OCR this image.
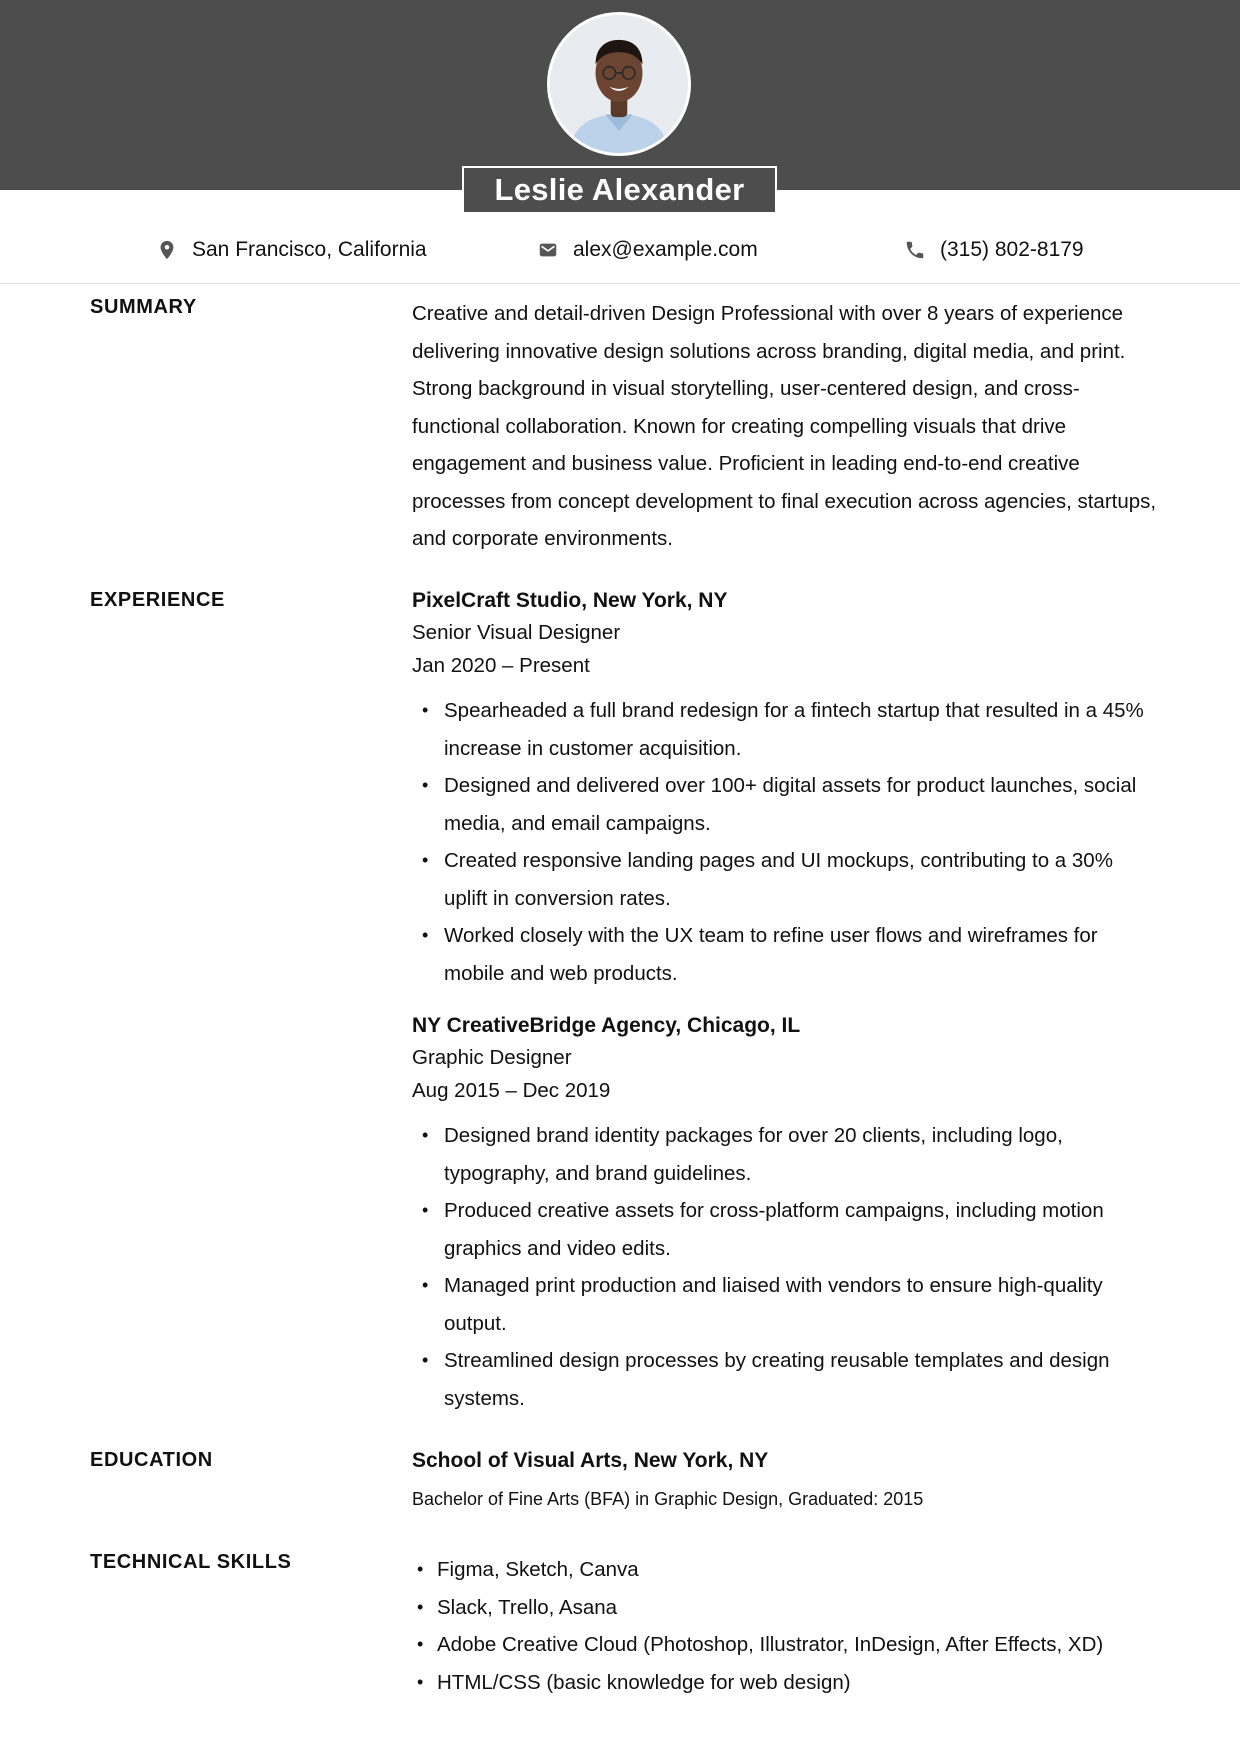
Leslie Alexander
San Francisco, California	alex@example.com	(315) 802-8179
SUMMARY	Creative and detail-driven Design Professional with over 8 years of experience delivering innovative design solutions across branding, digital media, and print. Strong background in visual storytelling, user-centered design, and cross-functional collaboration. Known for creating compelling visuals that drive engagement and business value. Proficient in leading end-to-end creative processes from concept development to final execution across agencies, startups, and corporate environments.

EXPERIENCE	PixelCraft Studio, New York, NY
Senior Visual Designer
Jan 2020 – Present
• Spearheaded a full brand redesign for a fintech startup that resulted in a 45% increase in customer acquisition.
• Designed and delivered over 100+ digital assets for product launches, social media, and email campaigns.
• Created responsive landing pages and UI mockups, contributing to a 30% uplift in conversion rates.
• Worked closely with the UX team to refine user flows and wireframes for mobile and web products.
NY CreativeBridge Agency, Chicago, IL
Graphic Designer
Aug 2015 – Dec 2019
• Designed brand identity packages for over 20 clients, including logo, typography, and brand guidelines.
• Produced creative assets for cross-platform campaigns, including motion graphics and video edits.
• Managed print production and liaised with vendors to ensure high-quality output.
• Streamlined design processes by creating reusable templates and design systems.
EDUCATION	School of Visual Arts, New York, NY
Bachelor of Fine Arts (BFA) in Graphic Design, Graduated: 2015
TECHNICAL SKILLS
•	Figma, Sketch, Canva
• Slack, Trello, Asana
• Adobe Creative Cloud (Photoshop, Illustrator, InDesign, After Effects, XD)
• HTML/CSS (basic knowledge for web design)
